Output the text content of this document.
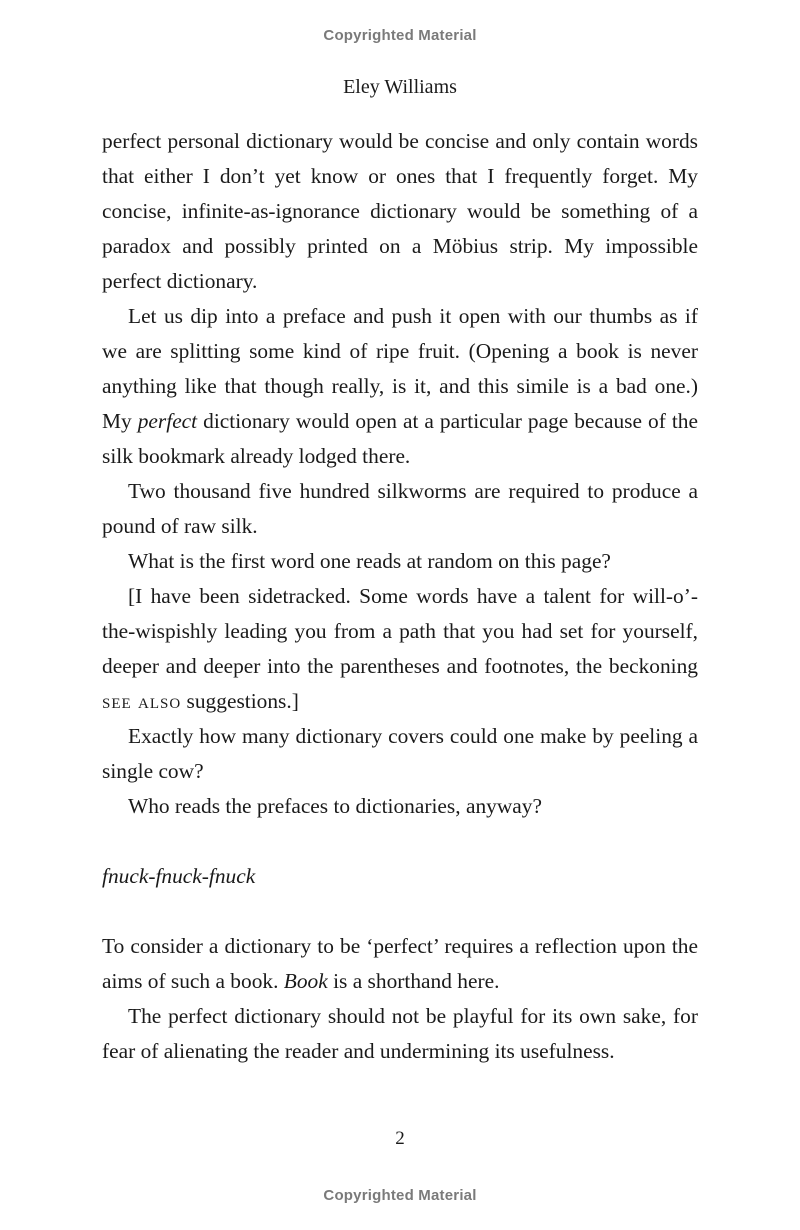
Copyrighted Material
Eley Williams

perfect personal dictionary would be concise and only contain words that either I don’t yet know or ones that I frequently forget. My concise, infinite-as-ignorance dictionary would be something of a paradox and possibly printed on a Möbius strip. My impossible perfect dictionary.

Let us dip into a preface and push it open with our thumbs as if we are splitting some kind of ripe fruit. (Opening a book is never anything like that though really, is it, and this simile is a bad one.) My perfect dictionary would open at a particular page because of the silk bookmark already lodged there.

Two thousand five hundred silkworms are required to produce a pound of raw silk.

What is the first word one reads at random on this page?

[I have been sidetracked. Some words have a talent for will-o’-the-wispishly leading you from a path that you had set for yourself, deeper and deeper into the parentheses and footnotes, the beckoning see also suggestions.]

Exactly how many dictionary covers could one make by peeling a single cow?

Who reads the prefaces to dictionaries, anyway?

fnuck-fnuck-fnuck

To consider a dictionary to be ‘perfect’ requires a reflection upon the aims of such a book. Book is a shorthand here.

The perfect dictionary should not be playful for its own sake, for fear of alienating the reader and undermining its usefulness.

2
Copyrighted Material
